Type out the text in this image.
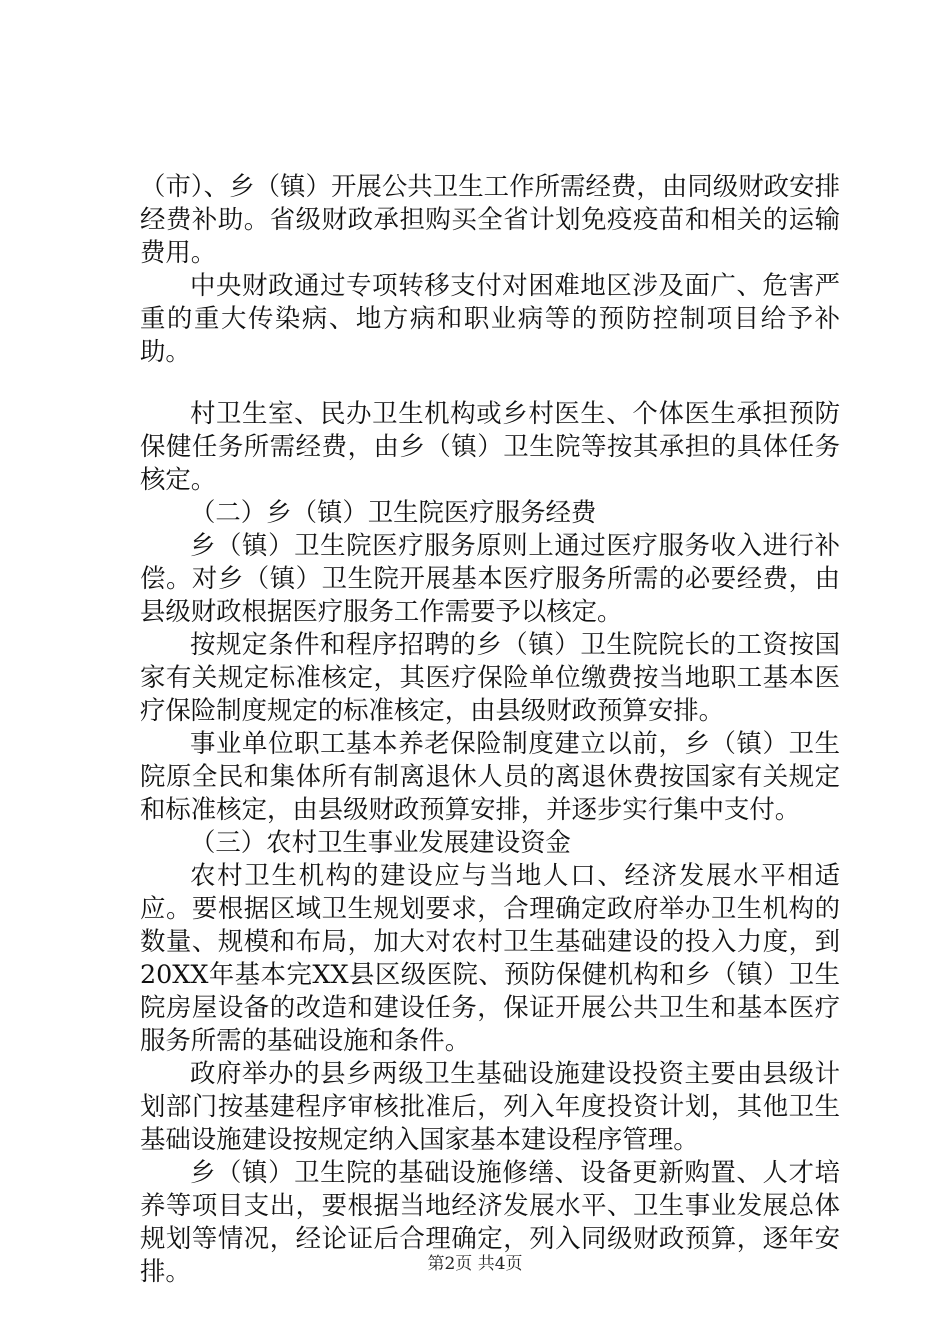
（市）、乡（镇）开展公共卫生工作所需经费，由同级财政安排经费补助。省级财政承担购买全省计划免疫疫苗和相关的运输费用。

中央财政通过专项转移支付对困难地区涉及面广、危害严重的重大传染病、地方病和职业病等的预防控制项目给予补助。

村卫生室、民办卫生机构或乡村医生、个体医生承担预防保健任务所需经费，由乡（镇）卫生院等按其承担的具体任务核定。

（二）乡（镇）卫生院医疗服务经费

乡（镇）卫生院医疗服务原则上通过医疗服务收入进行补偿。对乡（镇）卫生院开展基本医疗服务所需的必要经费，由县级财政根据医疗服务工作需要予以核定。

按规定条件和程序招聘的乡（镇）卫生院院长的工资按国家有关规定标准核定，其医疗保险单位缴费按当地职工基本医疗保险制度规定的标准核定，由县级财政预算安排。

事业单位职工基本养老保险制度建立以前，乡（镇）卫生院原全民和集体所有制离退休人员的离退休费按国家有关规定和标准核定，由县级财政预算安排，并逐步实行集中支付。

（三）农村卫生事业发展建设资金

农村卫生机构的建设应与当地人口、经济发展水平相适应。要根据区域卫生规划要求，合理确定政府举办卫生机构的数量、规模和布局，加大对农村卫生基础建设的投入力度，到20XX年基本完XX县区级医院、预防保健机构和乡（镇）卫生院房屋设备的改造和建设任务，保证开展公共卫生和基本医疗服务所需的基础设施和条件。

政府举办的县乡两级卫生基础设施建设投资主要由县级计划部门按基建程序审核批准后，列入年度投资计划，其他卫生基础设施建设按规定纳入国家基本建设程序管理。

乡（镇）卫生院的基础设施修缮、设备更新购置、人才培养等项目支出，要根据当地经济发展水平、卫生事业发展总体规划等情况，经论证后合理确定，列入同级财政预算，逐年安排。	第2页 共4页
